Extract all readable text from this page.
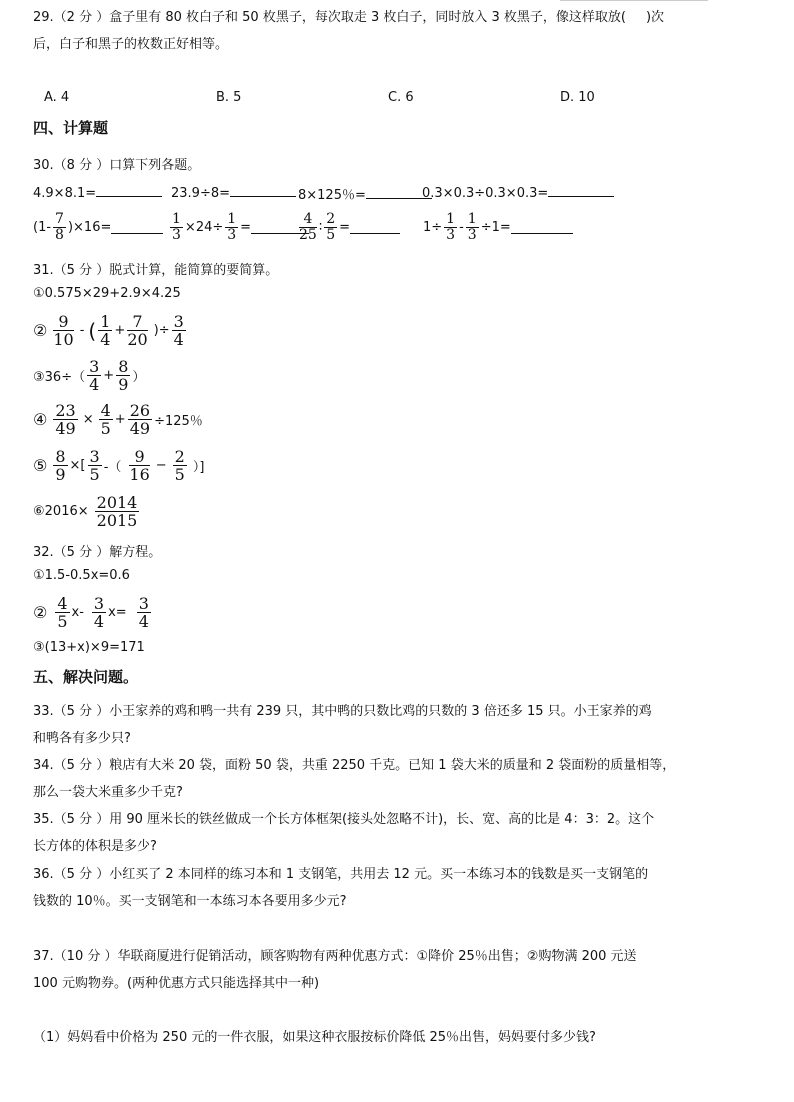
29.（2 分 ）盒子里有 80 枚白子和 50 枚黑子，每次取走 3 枚白子，同时放入 3 枚黑子，像这样取放( )次
后，白子和黑子的枚数正好相等。
A. 4	B. 5	C. 6	D. 10
四、计算题
30.（8 分 ）口算下列各题。
4.9×8.1=	23.9÷8=	8×125％=	0.3×0.3÷0.3×0.3=
$(1- \frac{7}{8} )\times 16=$	$\frac{1}{3} \times 24\div \frac{1}{3}$ =	$\frac{4}{25}$ ∶ $\frac{2}{5}$ =	$1\div \frac{1}{3} - \frac{1}{3} \div 1=$
31.（5 分 ）脱式计算，能简算的要简算。
①0.575×29+2.9×4.25
② $\frac{9}{10}$ - ( $\frac{1}{4} + \frac{7}{20}$ )÷ $\frac{3}{4}$
③36÷（ $\frac{3}{4} + \frac{8}{9}$ ）
④ $\frac{23}{49} \times \frac{4}{5} + \frac{26}{49} \div 125$％
⑤ $\frac{8}{9}$ ×[ $\frac{3}{5}$ -（ $\frac{9}{16} - \frac{2}{5}$ ）]
⑥2016× $\frac{2014}{2015}$
32.（5 分 ）解方程。
①1.5-0.5x=0.6
② $\frac{4}{5} x- \frac{3}{4} x= \frac{3}{4}$
③(13+x)×9=171
五、解决问题。
33.（5 分 ）小王家养的鸡和鸭一共有 239 只，其中鸭的只数比鸡的只数的 3 倍还多 15 只。小王家养的鸡
和鸭各有多少只?
34.（5 分 ）粮店有大米 20 袋，面粉 50 袋，共重 2250 千克。已知 1 袋大米的质量和 2 袋面粉的质量相等，
那么一袋大米重多少千克?
35.（5 分 ）用 90 厘米长的铁丝做成一个长方体框架(接头处忽略不计)，长、宽、高的比是 4：3：2。这个
长方体的体积是多少?
36.（5 分 ）小红买了 2 本同样的练习本和 1 支钢笔，共用去 12 元。买一本练习本的钱数是买一支钢笔的
钱数的 10％。买一支钢笔和一本练习本各要用多少元?
37.（10 分 ）华联商厦进行促销活动，顾客购物有两种优惠方式：①降价 25％出售；②购物满 200 元送
100 元购物券。(两种优惠方式只能选择其中一种)
（1）妈妈看中价格为 250 元的一件衣服，如果这种衣服按标价降低 25％出售，妈妈要付多少钱?
